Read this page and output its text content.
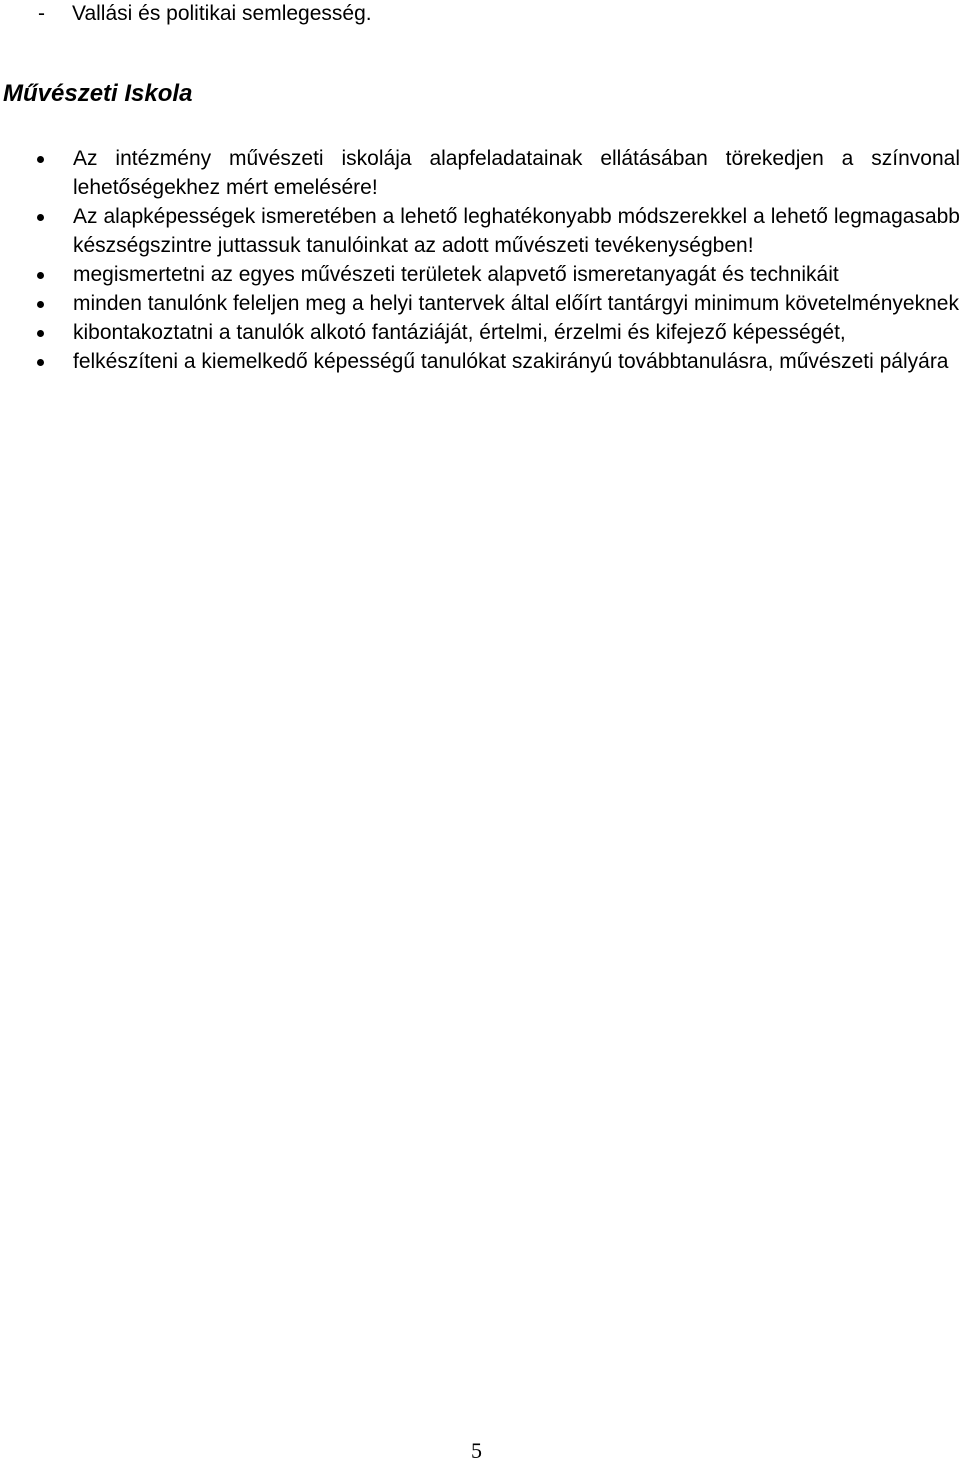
- Vallási és politikai semlegesség.
Művészeti Iskola
Az intézmény művészeti iskolája alapfeladatainak ellátásában törekedjen a színvonal lehetőségekhez mért emelésére!
Az alapképességek ismeretében a lehető leghatékonyabb módszerekkel a lehető legmagasabb készségszintre juttassuk tanulóinkat az adott művészeti tevékenységben!
megismertetni az egyes művészeti területek alapvető ismeretanyagát és technikáit
minden tanulónk feleljen meg a helyi tantervek által előírt tantárgyi minimum követelményeknek
kibontakoztatni a tanulók alkotó fantáziáját, értelmi, érzelmi és kifejező képességét,
felkészíteni a kiemelkedő képességű tanulókat szakirányú továbbtanulásra, művészeti pályára
5
